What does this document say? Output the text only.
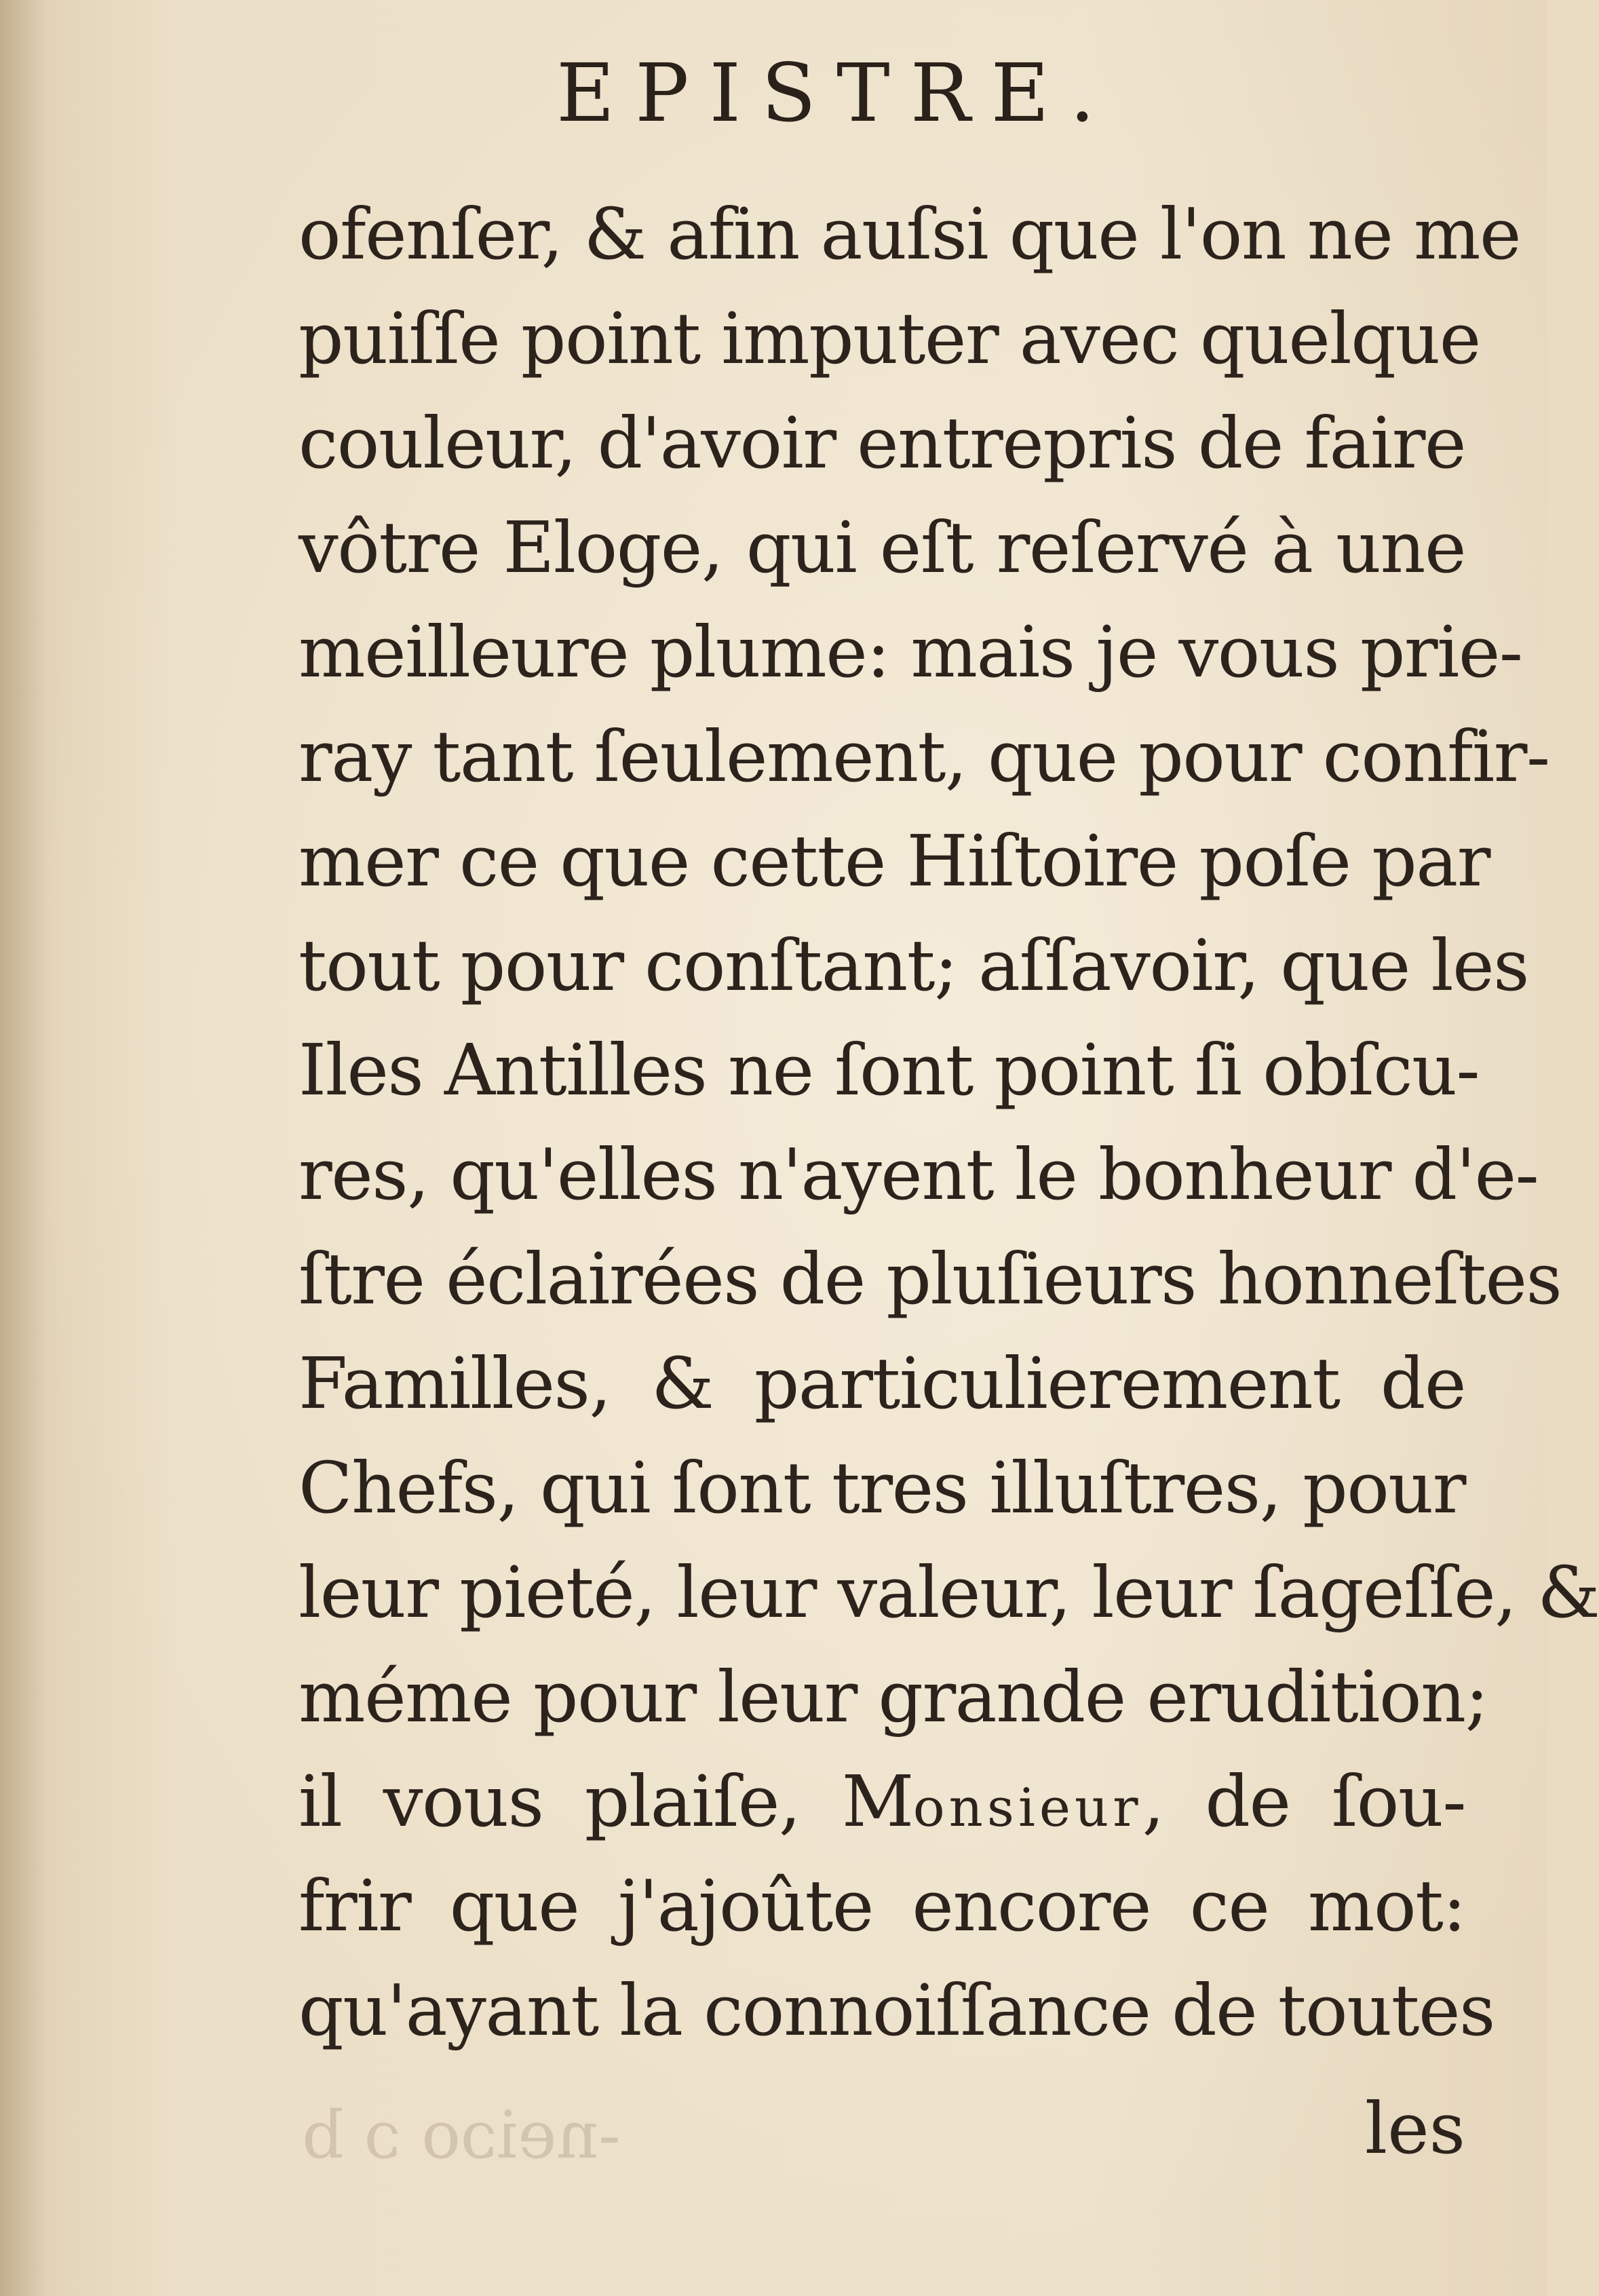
EPISTRE.
ofenſer, & afin auſsi que l'on ne me
puiſſe point imputer avec quelque
couleur, d'avoir entrepris de faire
vôtre Eloge, qui eſt reſervé à une
meilleure plume: mais je vous prie-
ray tant ſeulement, que pour confir-
mer ce que cette Hiſtoire poſe par
tout pour conſtant; aſſavoir, que les
Iles Antilles ne ſont point ſi obſcu-
res, qu'elles n'ayent le bonheur d'e-
ſtre éclairées de pluſieurs honneſtes
Familles, & particulierement de
Chefs, qui ſont tres illuſtres, pour
leur pieté, leur valeur, leur ſageſſe, &
méme pour leur grande erudition;
il vous plaiſe, Monsieur, de ſou-
frir que j'ajoûte encore ce mot:
qu'ayant la connoiſſance de toutes
-neiɔo ɔ b	les
